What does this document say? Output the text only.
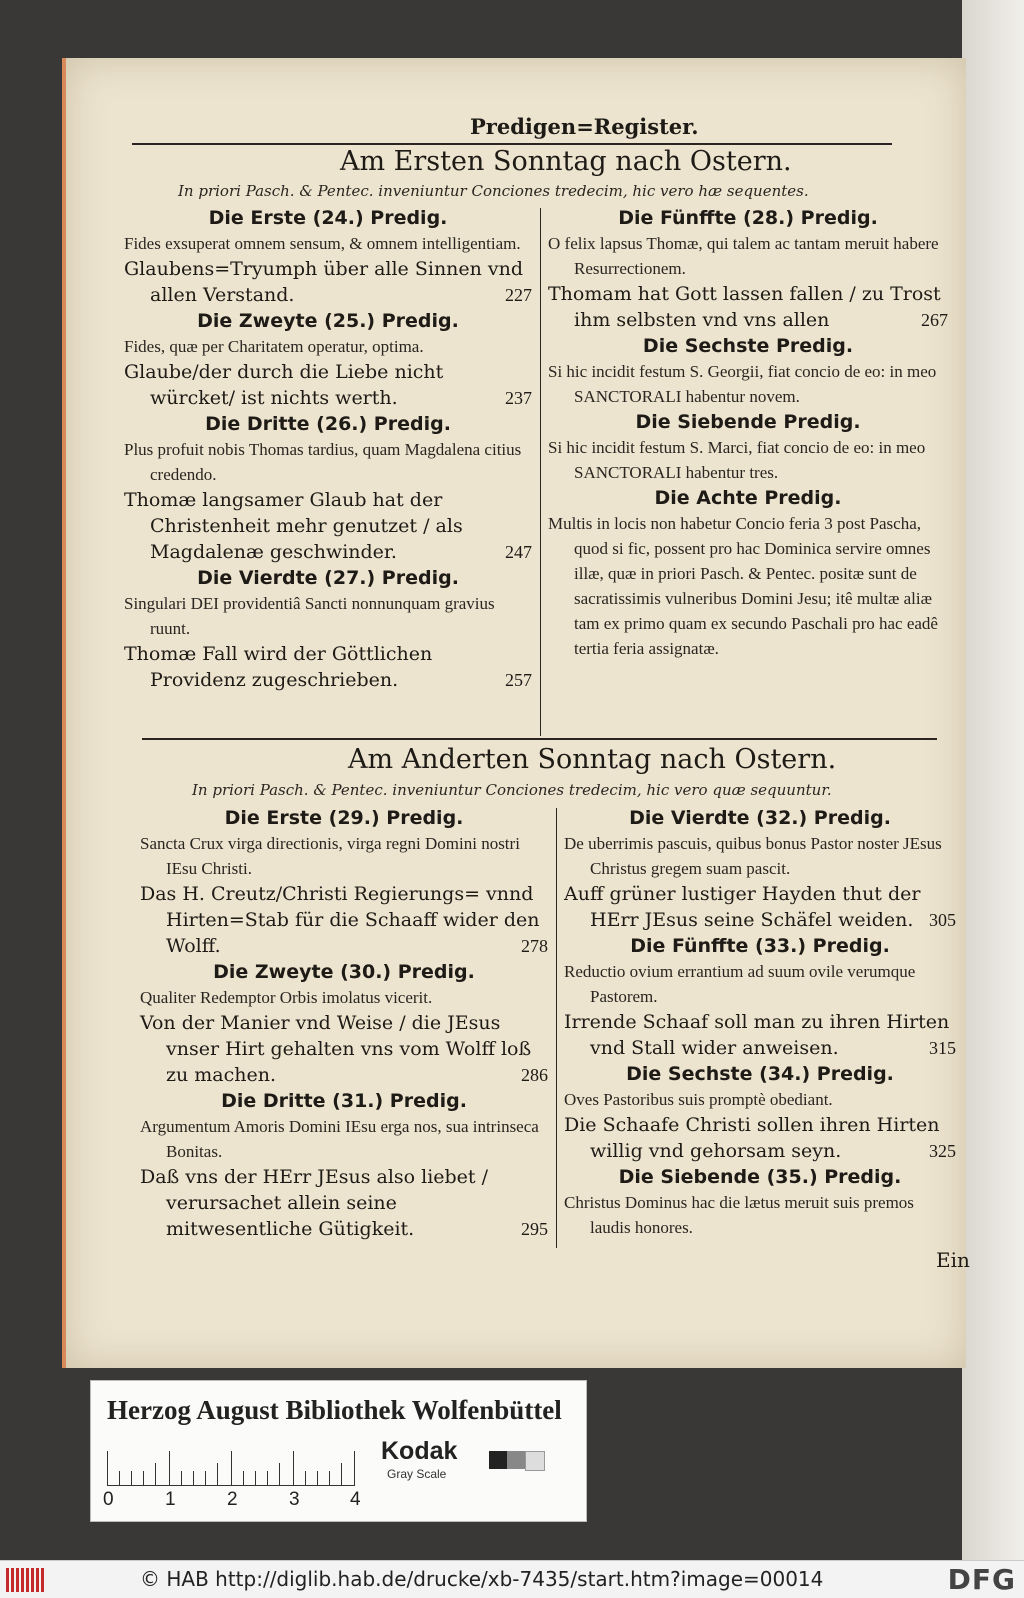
Predigen=Register.
Am Ersten Sonntag nach Ostern.
In priori Pasch. & Pentec. inveniuntur Conciones tredecim, hic vero hæ sequentes.

Die Erste (24.) Predig.

Fides exsuperat omnem sensum, & omnem intelligentiam.

Glaubens=Tryumph über alle Sinnen vnd allen Verstand.	227

Die Zweyte (25.) Predig.

Fides, quæ per Charitatem operatur, optima.

Glaube/der durch die Liebe nicht würcket/ ist nichts werth.	237

Die Dritte (26.) Predig.

Plus profuit nobis Thomas tardius, quam Magdalena citius credendo.

Thomæ langsamer Glaub hat der Christenheit mehr genutzet / als Magdalenæ geschwinder.	247

Die Vierdte (27.) Predig.

Singulari DEI providentiâ Sancti nonnunquam gravius ruunt.

Thomæ Fall wird der Göttlichen Providenz zugeschrieben.	257

Die Fünffte (28.) Predig.

O felix lapsus Thomæ, qui talem ac tantam meruit habere Resurrectionem.

Thomam hat Gott lassen fallen / zu Trost ihm selbsten vnd vns allen	267

Die Sechste Predig.

Si hic incidit festum S. Georgii, fiat concio de eo: in meo SANCTORALI habentur novem.

Die Siebende Predig.

Si hic incidit festum S. Marci, fiat concio de eo: in meo SANCTORALI habentur tres.

Die Achte Predig.

Multis in locis non habetur Concio feria 3 post Pascha, quod si fic, possent pro hac Dominica servire omnes illæ, quæ in priori Pasch. & Pentec. positæ sunt de sacratissimis vulneribus Domini Jesu; itê multæ aliæ tam ex primo quam ex secundo Paschali pro hac eadê tertia feria assignatæ.

Am Anderten Sonntag nach Ostern.
In priori Pasch. & Pentec. inveniuntur Conciones tredecim, hic vero quæ sequuntur.

Die Erste (29.) Predig.

Sancta Crux virga directionis, virga regni Domini nostri IEsu Christi.

Das H. Creutz/Christi Regierungs= vnnd Hirten=Stab für die Schaaff wider den Wolff.	278

Die Zweyte (30.) Predig.

Qualiter Redemptor Orbis imolatus vicerit.

Von der Manier vnd Weise / die JEsus vnser Hirt gehalten vns vom Wolff loß zu machen.	286

Die Dritte (31.) Predig.

Argumentum Amoris Domini IEsu erga nos, sua intrinseca Bonitas.

Daß vns der HErr JEsus also liebet / verursachet allein seine mitwesentliche Gütigkeit.	295

Die Vierdte (32.) Predig.

De uberrimis pascuis, quibus bonus Pastor noster JEsus Christus gregem suam pascit.

Auff grüner lustiger Hayden thut der HErr JEsus seine Schäfel weiden. 305

Die Fünffte (33.) Predig.

Reductio ovium errantium ad suum ovile verumque Pastorem.

Irrende Schaaf soll man zu ihren Hirten vnd Stall wider anweisen.	315

Die Sechste (34.) Predig.

Oves Pastoribus suis promptè obediant.

Die Schaafe Christi sollen ihren Hirten willig vnd gehorsam seyn.	325

Die Siebende (35.) Predig.

Christus Dominus hac die lætus meruit suis premos laudis honores.

Ein
Herzog August Bibliothek Wolfenbüttel
0	1	2	3	4
Kodak
Gray Scale
© HAB http://diglib.hab.de/drucke/xb-7435/start.htm?image=00014	DFG
